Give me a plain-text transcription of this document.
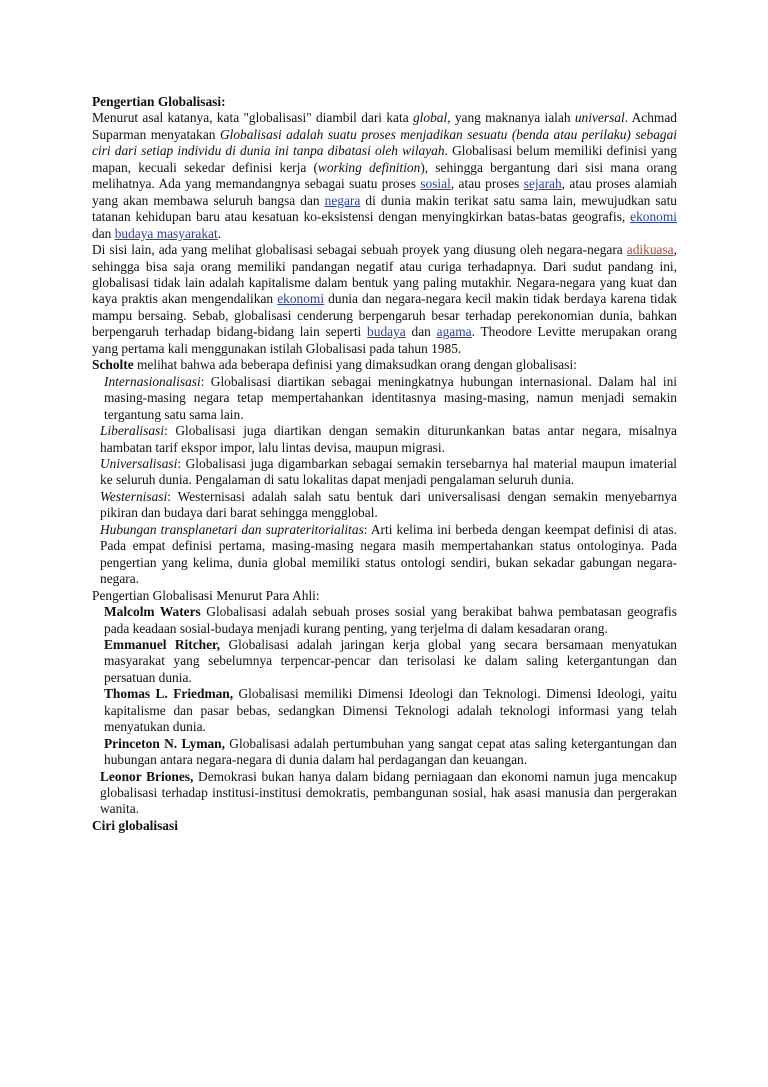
Pengertian Globalisasi:

Menurut asal katanya, kata "globalisasi" diambil dari kata global, yang maknanya ialah universal. Achmad Suparman menyatakan Globalisasi adalah suatu proses menjadikan sesuatu (benda atau perilaku) sebagai ciri dari setiap individu di dunia ini tanpa dibatasi oleh wilayah. Globalisasi belum memiliki definisi yang mapan, kecuali sekedar definisi kerja (working definition), sehingga bergantung dari sisi mana orang melihatnya. Ada yang memandangnya sebagai suatu proses sosial, atau proses sejarah, atau proses alamiah yang akan membawa seluruh bangsa dan negara di dunia makin terikat satu sama lain, mewujudkan satu tatanan kehidupan baru atau kesatuan ko-eksistensi dengan menyingkirkan batas-batas geografis, ekonomi dan budaya masyarakat.

Di sisi lain, ada yang melihat globalisasi sebagai sebuah proyek yang diusung oleh negara-negara adikuasa, sehingga bisa saja orang memiliki pandangan negatif atau curiga terhadapnya. Dari sudut pandang ini, globalisasi tidak lain adalah kapitalisme dalam bentuk yang paling mutakhir. Negara-negara yang kuat dan kaya praktis akan mengendalikan ekonomi dunia dan negara-negara kecil makin tidak berdaya karena tidak mampu bersaing. Sebab, globalisasi cenderung berpengaruh besar terhadap perekonomian dunia, bahkan berpengaruh terhadap bidang-bidang lain seperti budaya dan agama. Theodore Levitte merupakan orang yang pertama kali menggunakan istilah Globalisasi pada tahun 1985.

Scholte melihat bahwa ada beberapa definisi yang dimaksudkan orang dengan globalisasi:

Internasionalisasi: Globalisasi diartikan sebagai meningkatnya hubungan internasional. Dalam hal ini masing-masing negara tetap mempertahankan identitasnya masing-masing, namun menjadi semakin tergantung satu sama lain.

Liberalisasi: Globalisasi juga diartikan dengan semakin diturunkankan batas antar negara, misalnya hambatan tarif ekspor impor, lalu lintas devisa, maupun migrasi.

Universalisasi: Globalisasi juga digambarkan sebagai semakin tersebarnya hal material maupun imaterial ke seluruh dunia. Pengalaman di satu lokalitas dapat menjadi pengalaman seluruh dunia.

Westernisasi: Westernisasi adalah salah satu bentuk dari universalisasi dengan semakin menyebarnya pikiran dan budaya dari barat sehingga mengglobal.

Hubungan transplanetari dan suprateritorialitas: Arti kelima ini berbeda dengan keempat definisi di atas. Pada empat definisi pertama, masing-masing negara masih mempertahankan status ontologinya. Pada pengertian yang kelima, dunia global memiliki status ontologi sendiri, bukan sekadar gabungan negara-negara.

Pengertian Globalisasi Menurut Para Ahli:

Malcolm Waters Globalisasi adalah sebuah proses sosial yang berakibat bahwa pembatasan geografis pada keadaan sosial-budaya menjadi kurang penting, yang terjelma di dalam kesadaran orang.

Emmanuel Ritcher, Globalisasi adalah jaringan kerja global yang secara bersamaan menyatukan masyarakat yang sebelumnya terpencar-pencar dan terisolasi ke dalam saling ketergantungan dan persatuan dunia.

Thomas L. Friedman, Globalisasi memiliki Dimensi Ideologi dan Teknologi. Dimensi Ideologi, yaitu kapitalisme dan pasar bebas, sedangkan Dimensi Teknologi adalah teknologi informasi yang telah menyatukan dunia.

Princeton N. Lyman, Globalisasi adalah pertumbuhan yang sangat cepat atas saling ketergantungan dan hubungan antara negara-negara di dunia dalam hal perdagangan dan keuangan.

Leonor Briones, Demokrasi bukan hanya dalam bidang perniagaan dan ekonomi namun juga mencakup globalisasi terhadap institusi-institusi demokratis, pembangunan sosial, hak asasi manusia dan pergerakan wanita.

Ciri globalisasi
